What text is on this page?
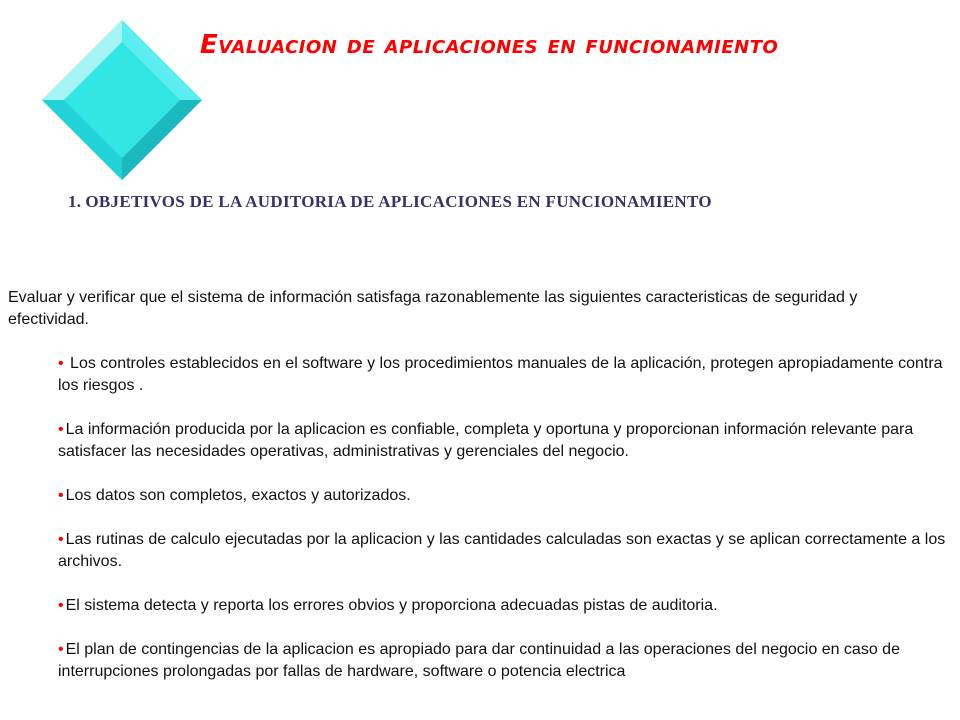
Evaluacion de aplicaciones en funcionamiento
1. OBJETIVOS DE LA AUDITORIA DE APLICACIONES EN FUNCIONAMIENTO

Evaluar y verificar que el sistema de información satisfaga razonablemente las siguientes caracteristicas de seguridad y efectividad.

• Los controles establecidos en el software y los procedimientos manuales de la aplicación, protegen apropiadamente contra los riesgos .
• La información producida por la aplicacion es confiable, completa y oportuna y proporcionan información relevante para satisfacer las necesidades operativas, administrativas y gerenciales del negocio.
• Los datos son completos, exactos y autorizados.
• Las rutinas de calculo ejecutadas por la aplicacion y las cantidades calculadas son exactas y se aplican correctamente a los archivos.
• El sistema detecta y reporta los errores obvios y proporciona adecuadas pistas de auditoria.
• El plan de contingencias de la aplicacion es apropiado para dar continuidad a las operaciones del negocio en caso de interrupciones prolongadas por fallas de hardware, software o potencia electrica
